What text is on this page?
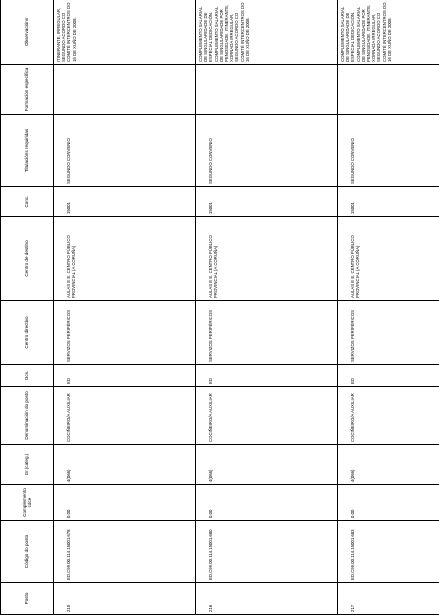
Posto	Código do posto	Complemento cdce	Gr.(categ.)	Denominación do posto	Ocs.	Centro directivo	Centro de destino	Conc.	Titulacións requiridas	Formación específica	Observacións
215	ED.C99.00.114.15001.678	0.00	4(066)	COCIÑEIRO/A AUXILIAR	ED	SERVIZOS PERIFÉRICOS	AULAS E E. CENTRO PÚBLICO PROVINCIAL (A CORUÑA)	15001	SEGUNDO CONVENIO		ITINERANTE, IRREGULAR, SEGUNDO ACORDO CO COMITÉ INTERCENTROS DO 16 DE XUÑO DE 2008.
216	ED.C99.00.114.15001.680	0.00	4(066)	COCIÑEIRO/A AUXILIAR	ED	SERVIZOS PERIFÉRICOS	AULAS E E. CENTRO PÚBLICO PROVINCIAL (A CORUÑA)	15001	SEGUNDO CONVENIO		COMPLEMENTO SALARIAL DE SINGULARIDADE DE ESPECIAL DEDICACIÓN. COMPLEMENTO SALARIAL DE SINGULARIDADE POR PENOSIDADE. ITINERANTE, XORNADA IRREGULAR, SEGUNDO ACORDO CO COMITÉ INTERCENTROS DO 16 DE XUÑO DE 2008.
217	ED.C99.00.114.15001.683	0.00	4(066)	COCIÑEIRO/A AUXILIAR	ED	SERVIZOS PERIFÉRICOS	AULAS E E. CENTRO PÚBLICO PROVINCIAL (A CORUÑA)	15001	SEGUNDO CONVENIO		COMPLEMENTO SALARIAL DE SINGULARIDADE DE ESPECIAL DEDICACIÓN. COMPLEMENTO SALARIAL DE SINGULARIDADE POR PENOSIDADE. ITINERANTE, XORNADA IRREGULAR, SEGUNDO ACORDO CO COMITÉ INTERCENTROS DO 16 DE XUÑO DE 2008.
